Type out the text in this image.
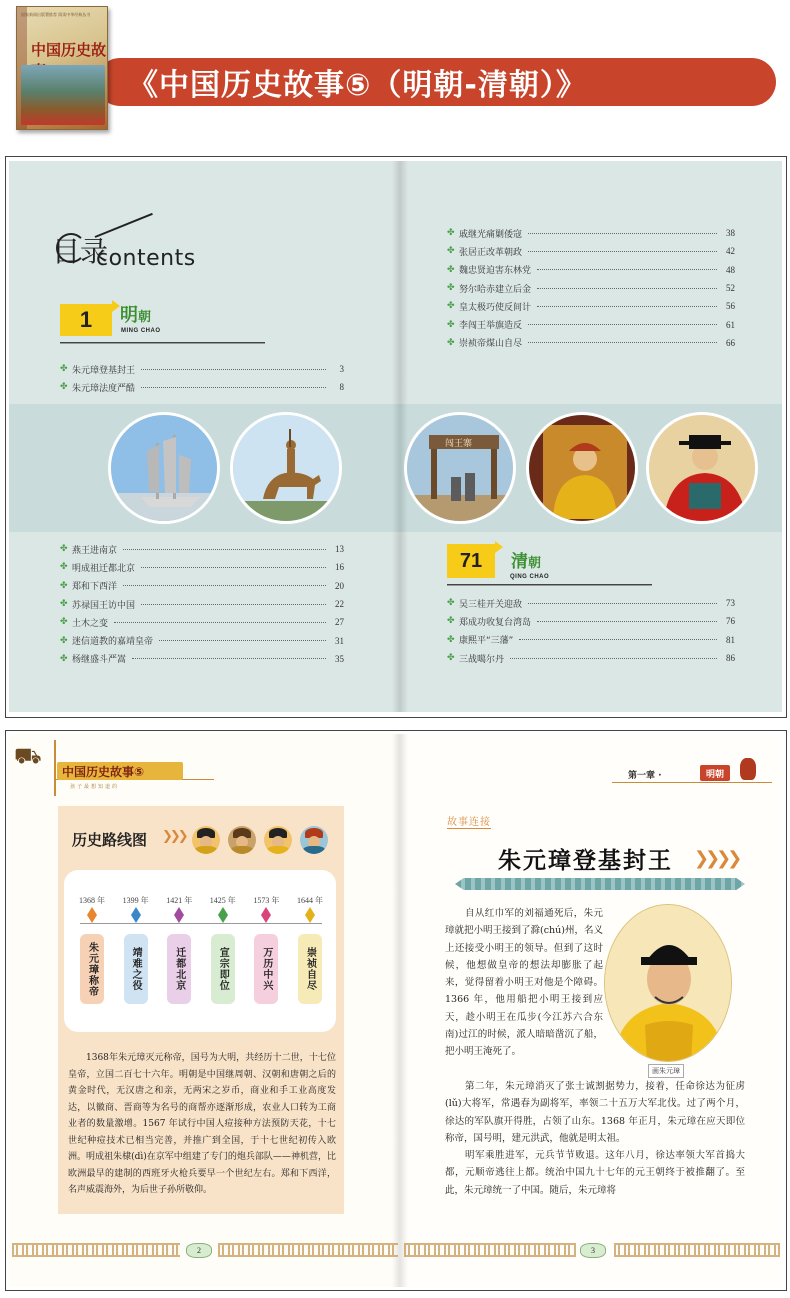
《中国历史故事⑤（明朝-清朝）》
国家新闻出版署推荐 阅读中华经典丛书
中国历史故
目录
contents
1	明朝
MING CHAO
✤ 朱元璋登基封王	3
✤ 朱元璋法度严酷	8
✤ 燕王进南京	13
✤ 明成祖迁都北京	16
✤ 郑和下西洋	20
✤ 苏禄国王访中国	22
✤ 土木之变	27
✤ 迷信道教的嘉靖皇帝	31
✤ 杨继盛斗严嵩	35
✤ 戚继光痛剿倭寇	38
✤ 张居正改革朝政	42
✤ 魏忠贤迫害东林党	48
✤ 努尔哈赤建立后金	52
✤ 皇太极巧使反间计	56
✤ 李闯王举旗造反	61
✤ 崇祯帝煤山自尽	66
71	清朝
QING CHAO
✤ 吴三桂开关迎敌	73
✤ 郑成功收复台湾岛	76
✤ 康熙平“三藩”	81
✤ 三战噶尔丹	86
闯王寨
⛟
中国历史故事⑤
孩子最想知道的
第一章 ·	明朝
历史路线图 ❯❯❯
1368 年
朱元璋称帝
1399 年
靖难之役
1421 年
迁都北京
1425 年
宣宗即位
1573 年
万历中兴
1644 年
崇祯自尽
1368年朱元璋灭元称帝，国号为大明，共经历十二世，十七位皇帝，立国二百七十六年。明朝是中国继周朝、汉朝和唐朝之后的黄金时代，无汉唐之和亲，无两宋之岁币，商业和手工业高度发达，以徽商、晋商等为名号的商帮亦逐渐形成，农业人口转为工商业者的数量激增。1567 年试行中国人痘接种方法预防天花，十七世纪种痘技术已相当完善，并推广到全国，于十七世纪初传入欧洲。明成祖朱棣(dì)在京军中组建了专门的炮兵部队——神机营，比欧洲最早的建制的西班牙火枪兵要早一个世纪左右。郑和下西洋，名声威震海外，为后世子孙所敬仰。
故事连接
朱元璋登基封王 ❯❯❯❯
自从红巾军的刘福通死后，朱元璋就把小明王接到了滁(chú)州，名义上还接受小明王的领导。但到了这时候，他想做皇帝的想法却膨胀了起来，觉得留着小明王对他是个障碍。1366 年，他用船把小明王接到应天，趁小明王在瓜步(今江苏六合东南)过江的时候，派人暗暗凿沉了船，把小明王淹死了。
画朱元璋

第二年，朱元璋消灭了张士诚割据势力，接着，任命徐达为征虏(lǔ)大将军，常遇春为副将军，率领二十五万大军北伐。过了两个月，徐达的军队旗开得胜，占领了山东。1368 年正月，朱元璋在应天即位称帝，国号明，建元洪武，他就是明太祖。

明军乘胜进军，元兵节节败退。这年八月，徐达率领大军首捣大都，元顺帝逃往上都。统治中国九十七年的元王朝终于被推翻了。至此，朱元璋统一了中国。随后，朱元璋将

2	3
